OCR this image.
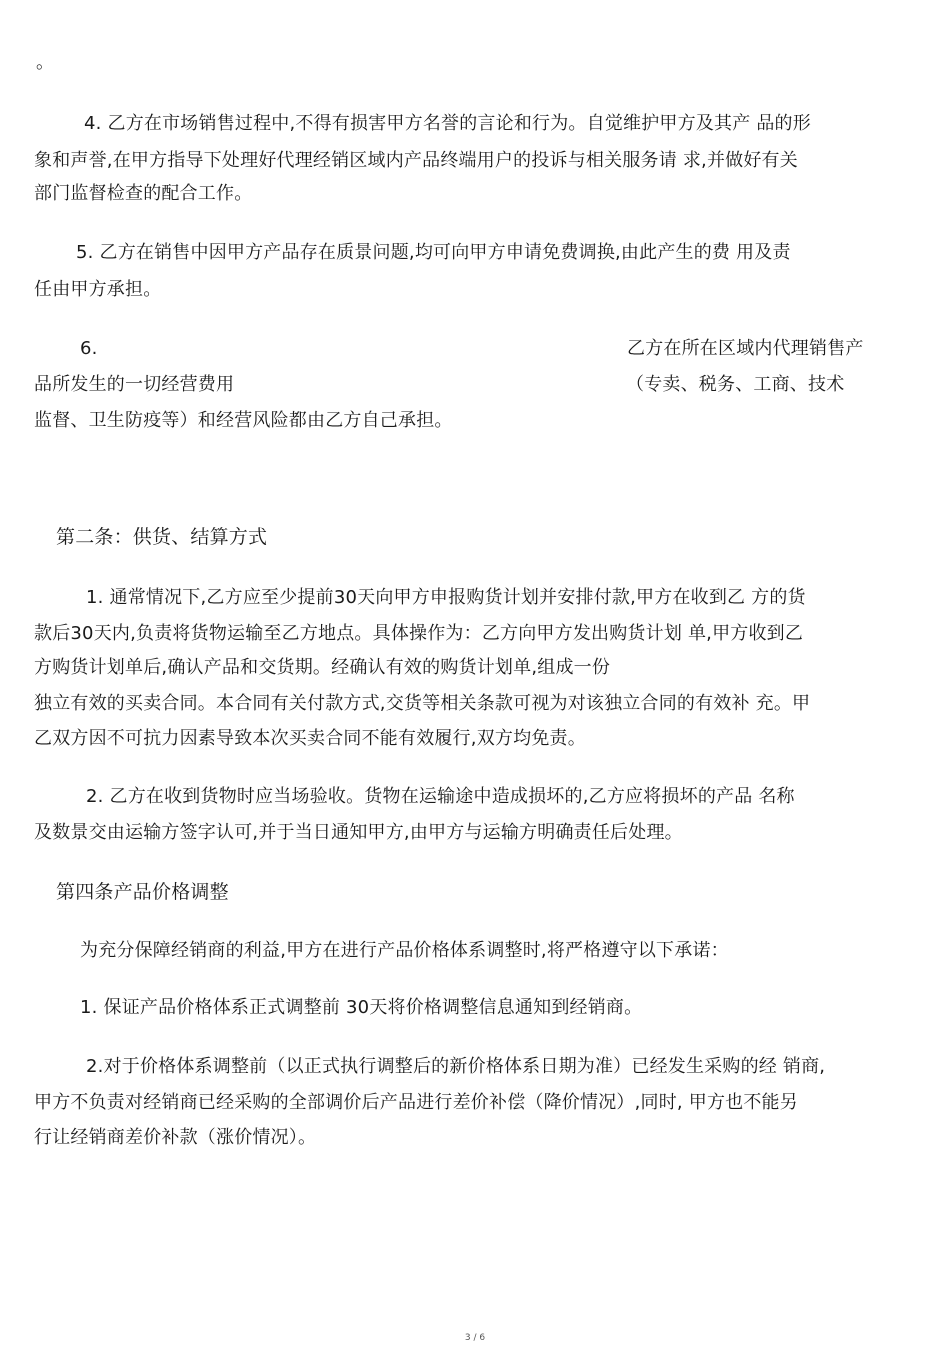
。
4. 乙方在市场销售过程中,不得有损害甲方名誉的言论和行为。自觉维护甲方及其产 品的形
象和声誉,在甲方指导下处理好代理经销区域内产品终端用户的投诉与相关服务请 求,并做好有关
部门监督检查的配合工作。
5. 乙方在销售中因甲方产品存在质景问题,均可向甲方申请免费调换,由此产生的费 用及责
任由甲方承担。
6.	乙方在所在区域内代理销售产
品所发生的一切经营费用	（专卖、税务、工商、技术
监督、卫生防疫等）和经营风险都由乙方自己承担。
第二条：供货、结算方式
1. 通常情况下,乙方应至少提前30天向甲方申报购货计划并安排付款,甲方在收到乙 方的货
款后30天内,负责将货物运输至乙方地点。具体操作为：乙方向甲方发出购货计划 单,甲方收到乙
方购货计划单后,确认产品和交货期。经确认有效的购货计划单,组成一份
独立有效的买卖合同。本合同有关付款方式,交货等相关条款可视为对该独立合同的有效补 充。甲
乙双方因不可抗力因素导致本次买卖合同不能有效履行,双方均免责。
2. 乙方在收到货物时应当场验收。货物在运输途中造成损坏的,乙方应将损坏的产品 名称
及数景交由运输方签字认可,并于当日通知甲方,由甲方与运输方明确责任后处理。
第四条产品价格调整
为充分保障经销商的利益,甲方在进行产品价格体系调整时,将严格遵守以下承诺：
1. 保证产品价格体系正式调整前 30天将价格调整信息通知到经销商。
2.对于价格体系调整前（以正式执行调整后的新价格体系日期为准）已经发生采购的经 销商,
甲方不负责对经销商已经采购的全部调价后产品进行差价补偿（降价情况）,同时, 甲方也不能另
行让经销商差价补款（涨价情况）。
3 / 6
